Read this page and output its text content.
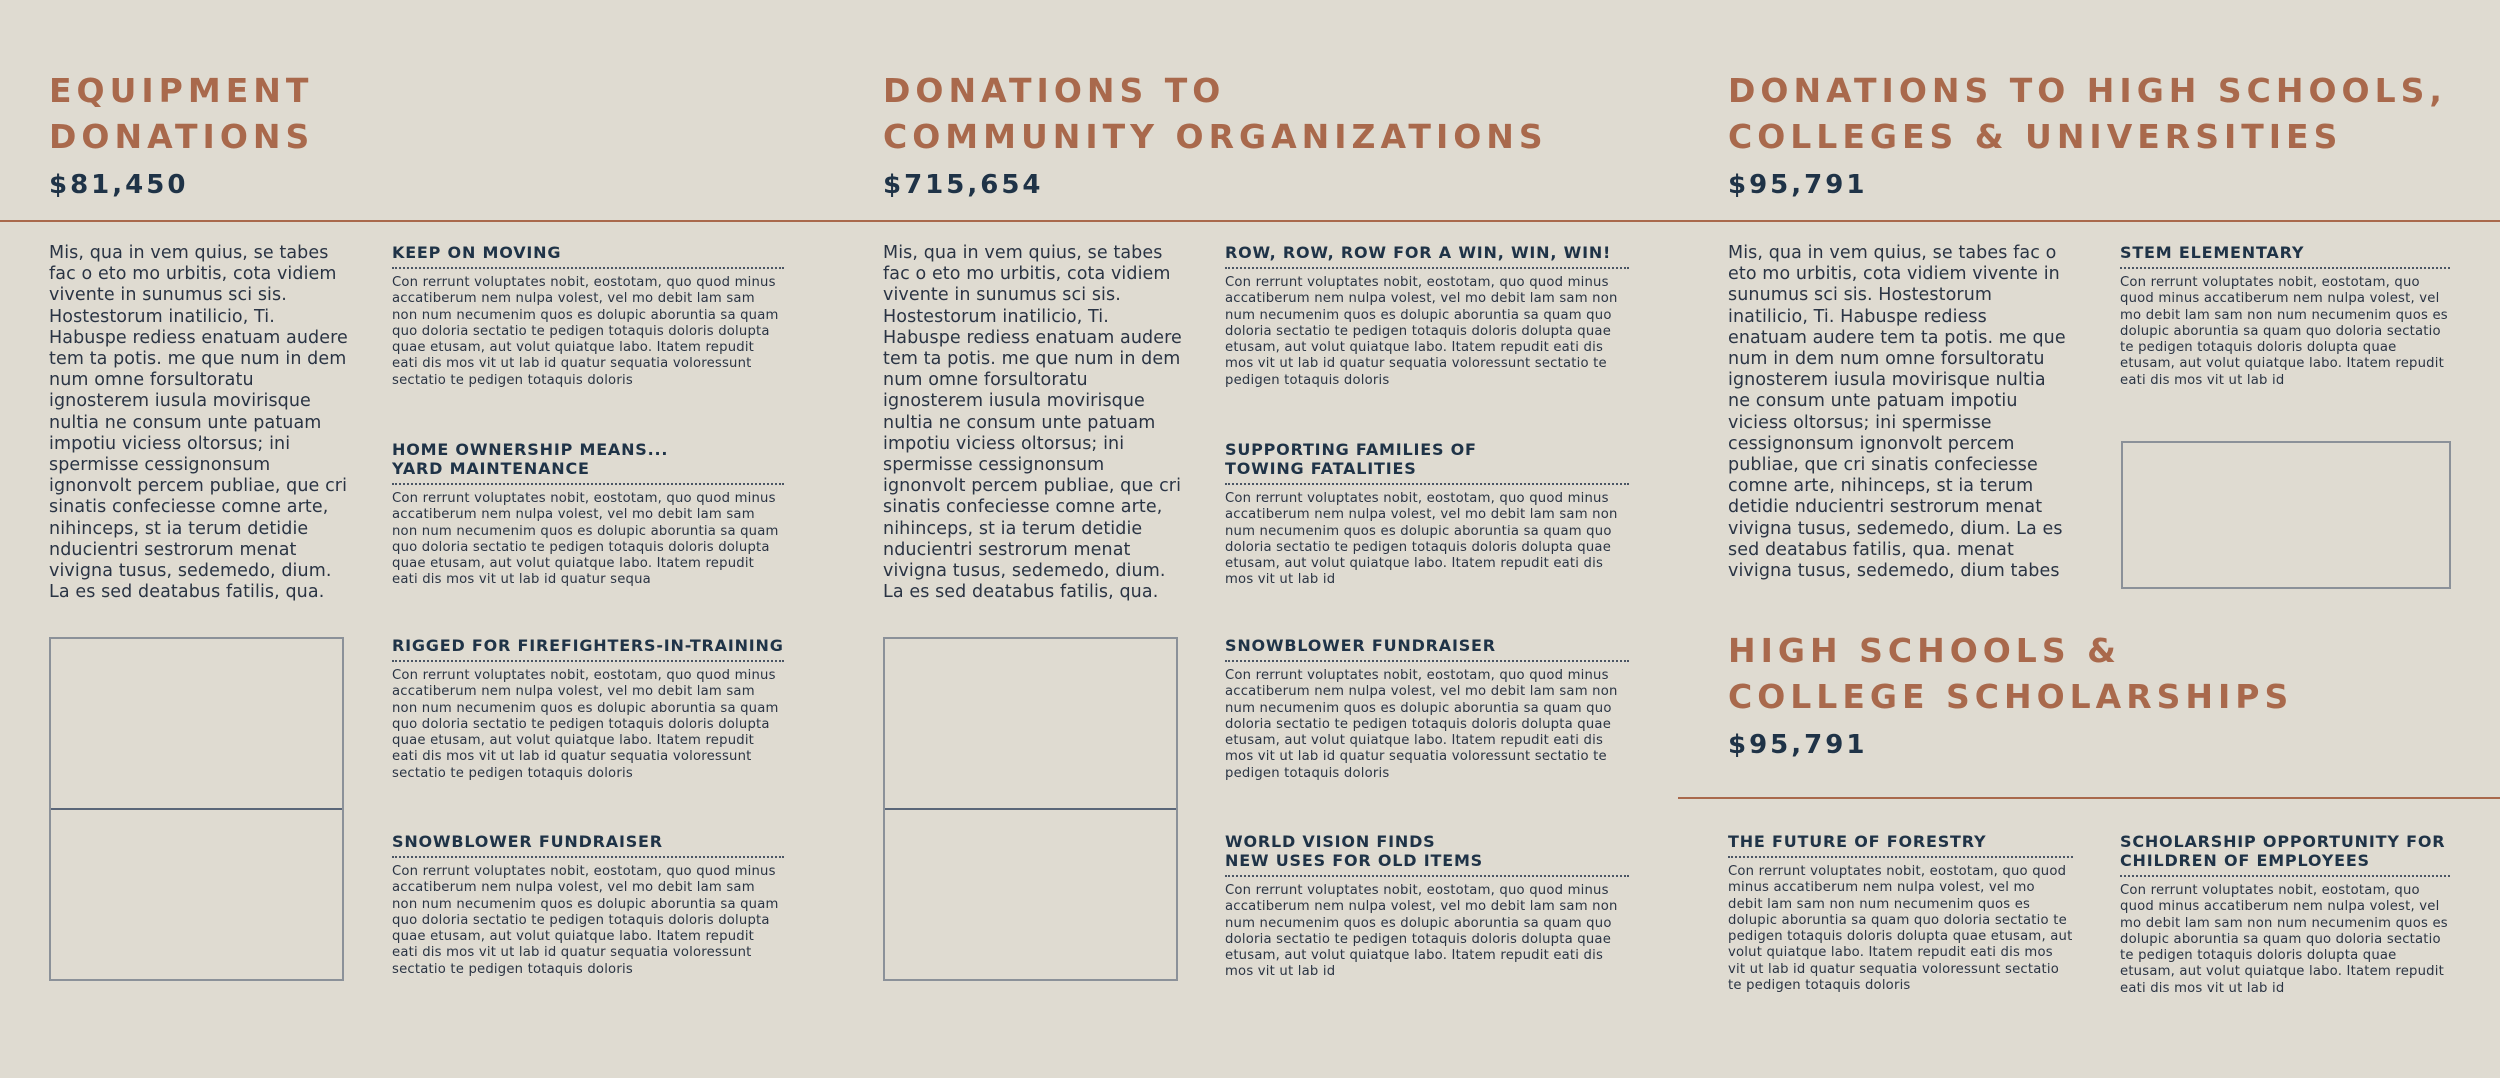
EQUIPMENT
DONATIONS
$81,450
Mis, qua in vem quius, se tabes fac o eto mo urbitis, cota vidiem vivente in sunumus sci sis. Hostestorum inatilicio, Ti. Habuspe rediess enatuam audere tem ta potis. me que num in dem num omne forsultoratu ignosterem iusula movirisque nultia ne consum unte patuam impotiu viciess oltorsus; ini spermisse cessignonsum ignonvolt percem publiae, que cri sinatis confeciesse comne arte, nihinceps, st ia terum detidie nducientri sestrorum menat vivigna tusus, sedemedo, dium. La es sed deatabus fatilis, qua.
KEEP ON MOVING
Con rerrunt voluptates nobit, eostotam, quo quod minus accatiberum nem nulpa volest, vel mo debit lam sam non num necumenim quos es dolupic aboruntia sa quam quo doloria sectatio te pedigen totaquis doloris dolupta quae etusam, aut volut quiatque labo. Itatem repudit eati dis mos vit ut lab id quatur sequatia voloressunt sectatio te pedigen totaquis doloris
HOME OWNERSHIP MEANS...
YARD MAINTENANCE
Con rerrunt voluptates nobit, eostotam, quo quod minus accatiberum nem nulpa volest, vel mo debit lam sam non num necumenim quos es dolupic aboruntia sa quam quo doloria sectatio te pedigen totaquis doloris dolupta quae etusam, aut volut quiatque labo. Itatem repudit eati dis mos vit ut lab id quatur sequa
RIGGED FOR FIREFIGHTERS-IN-TRAINING
Con rerrunt voluptates nobit, eostotam, quo quod minus accatiberum nem nulpa volest, vel mo debit lam sam non num necumenim quos es dolupic aboruntia sa quam quo doloria sectatio te pedigen totaquis doloris dolupta quae etusam, aut volut quiatque labo. Itatem repudit eati dis mos vit ut lab id quatur sequatia voloressunt sectatio te pedigen totaquis doloris
SNOWBLOWER FUNDRAISER
Con rerrunt voluptates nobit, eostotam, quo quod minus accatiberum nem nulpa volest, vel mo debit lam sam non num necumenim quos es dolupic aboruntia sa quam quo doloria sectatio te pedigen totaquis doloris dolupta quae etusam, aut volut quiatque labo. Itatem repudit eati dis mos vit ut lab id quatur sequatia voloressunt sectatio te pedigen totaquis doloris
DONATIONS TO
COMMUNITY ORGANIZATIONS
$715,654
Mis, qua in vem quius, se tabes fac o eto mo urbitis, cota vidiem vivente in sunumus sci sis. Hostestorum inatilicio, Ti. Habuspe rediess enatuam audere tem ta potis. me que num in dem num omne forsultoratu ignosterem iusula movirisque nultia ne consum unte patuam impotiu viciess oltorsus; ini spermisse cessignonsum ignonvolt percem publiae, que cri sinatis confeciesse comne arte, nihinceps, st ia terum detidie nducientri sestrorum menat vivigna tusus, sedemedo, dium. La es sed deatabus fatilis, qua.
ROW, ROW, ROW FOR A WIN, WIN, WIN!
Con rerrunt voluptates nobit, eostotam, quo quod minus accatiberum nem nulpa volest, vel mo debit lam sam non num necumenim quos es dolupic aboruntia sa quam quo doloria sectatio te pedigen totaquis doloris dolupta quae etusam, aut volut quiatque labo. Itatem repudit eati dis mos vit ut lab id quatur sequatia voloressunt sectatio te pedigen totaquis doloris
SUPPORTING FAMILIES OF
TOWING FATALITIES
Con rerrunt voluptates nobit, eostotam, quo quod minus accatiberum nem nulpa volest, vel mo debit lam sam non num necumenim quos es dolupic aboruntia sa quam quo doloria sectatio te pedigen totaquis doloris dolupta quae etusam, aut volut quiatque labo. Itatem repudit eati dis mos vit ut lab id
SNOWBLOWER FUNDRAISER
Con rerrunt voluptates nobit, eostotam, quo quod minus accatiberum nem nulpa volest, vel mo debit lam sam non num necumenim quos es dolupic aboruntia sa quam quo doloria sectatio te pedigen totaquis doloris dolupta quae etusam, aut volut quiatque labo. Itatem repudit eati dis mos vit ut lab id quatur sequatia voloressunt sectatio te pedigen totaquis doloris
WORLD VISION FINDS
NEW USES FOR OLD ITEMS
Con rerrunt voluptates nobit, eostotam, quo quod minus accatiberum nem nulpa volest, vel mo debit lam sam non num necumenim quos es dolupic aboruntia sa quam quo doloria sectatio te pedigen totaquis doloris dolupta quae etusam, aut volut quiatque labo. Itatem repudit eati dis mos vit ut lab id
DONATIONS TO HIGH SCHOOLS,
COLLEGES & UNIVERSITIES
$95,791
Mis, qua in vem quius, se tabes fac o eto mo urbitis, cota vidiem vivente in sunumus sci sis. Hostestorum inatilicio, Ti. Habuspe rediess enatuam audere tem ta potis. me que num in dem num omne forsultoratu ignosterem iusula movirisque nultia ne consum unte patuam impotiu viciess oltorsus; ini spermisse cessignonsum ignonvolt percem publiae, que cri sinatis confeciesse comne arte, nihinceps, st ia terum detidie nducientri sestrorum menat vivigna tusus, sedemedo, dium. La es sed deatabus fatilis, qua. menat vivigna tusus, sedemedo, dium tabes
STEM ELEMENTARY
Con rerrunt voluptates nobit, eostotam, quo quod minus accatiberum nem nulpa volest, vel mo debit lam sam non num necumenim quos es dolupic aboruntia sa quam quo doloria sectatio te pedigen totaquis doloris dolupta quae etusam, aut volut quiatque labo. Itatem repudit eati dis mos vit ut lab id
HIGH SCHOOLS &
COLLEGE SCHOLARSHIPS
$95,791
THE FUTURE OF FORESTRY
Con rerrunt voluptates nobit, eostotam, quo quod minus accatiberum nem nulpa volest, vel mo debit lam sam non num necumenim quos es dolupic aboruntia sa quam quo doloria sectatio te pedigen totaquis doloris dolupta quae etusam, aut volut quiatque labo. Itatem repudit eati dis mos vit ut lab id quatur sequatia voloressunt sectatio te pedigen totaquis doloris
SCHOLARSHIP OPPORTUNITY FOR
CHILDREN OF EMPLOYEES
Con rerrunt voluptates nobit, eostotam, quo quod minus accatiberum nem nulpa volest, vel mo debit lam sam non num necumenim quos es dolupic aboruntia sa quam quo doloria sectatio te pedigen totaquis doloris dolupta quae etusam, aut volut quiatque labo. Itatem repudit eati dis mos vit ut lab id
